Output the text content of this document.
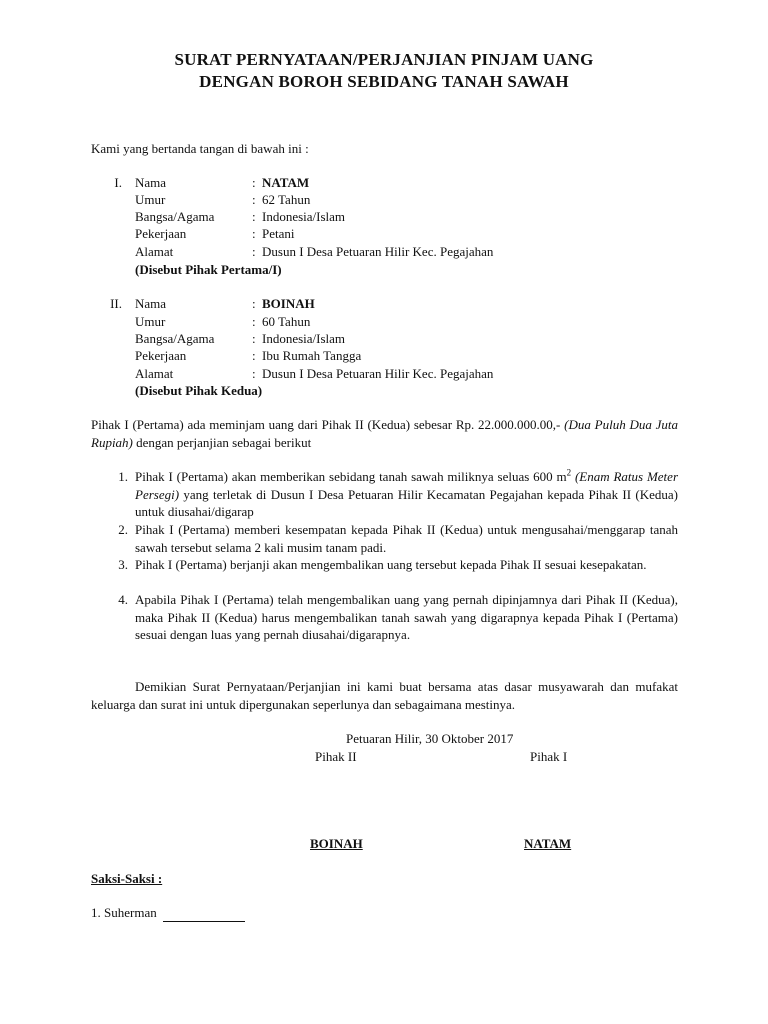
SURAT PERNYATAAN/PERJANJIAN PINJAM UANG
DENGAN BOROH SEBIDANG TANAH SAWAH
Kami yang bertanda tangan di bawah ini :
I. Nama	: NATAM
Umur	: 62 Tahun
Bangsa/Agama	: Indonesia/Islam
Pekerjaan	: Petani
Alamat	: Dusun I Desa Petuaran Hilir Kec. Pegajahan
(Disebut Pihak Pertama/I)
II. Nama	: BOINAH
Umur	: 60 Tahun
Bangsa/Agama	: Indonesia/Islam
Pekerjaan	: Ibu Rumah Tangga
Alamat	: Dusun I Desa Petuaran Hilir Kec. Pegajahan
(Disebut Pihak Kedua)
Pihak I (Pertama) ada meminjam uang dari Pihak II (Kedua) sebesar Rp. 22.000.000.00,- (Dua Puluh Dua Juta Rupiah) dengan perjanjian sebagai berikut
1. Pihak I (Pertama) akan memberikan sebidang tanah sawah miliknya seluas 600 $m^2$ (Enam Ratus Meter Persegi) yang terletak di Dusun I Desa Petuaran Hilir Kecamatan Pegajahan kepada Pihak II (Kedua) untuk diusahai/digarap
2. Pihak I (Pertama) memberi kesempatan kepada Pihak II (Kedua) untuk mengusahai/menggarap tanah sawah tersebut selama 2 kali musim tanam padi.
3. Pihak I (Pertama) berjanji akan mengembalikan uang tersebut kepada Pihak II sesuai kesepakatan.
4. Apabila Pihak I (Pertama) telah mengembalikan uang yang pernah dipinjamnya dari Pihak II (Kedua), maka Pihak II (Kedua) harus mengembalikan tanah sawah yang digarapnya kepada Pihak I (Pertama) sesuai dengan luas yang pernah diusahai/digarapnya.
Demikian Surat Pernyataan/Perjanjian ini kami buat bersama atas dasar musyawarah dan mufakat keluarga dan surat ini untuk dipergunakan seperlunya dan sebagaimana mestinya.
Petuaran Hilir, 30 Oktober 2017
Pihak II	Pihak I
BOINAH	NATAM
Saksi-Saksi :
1. Suherman
